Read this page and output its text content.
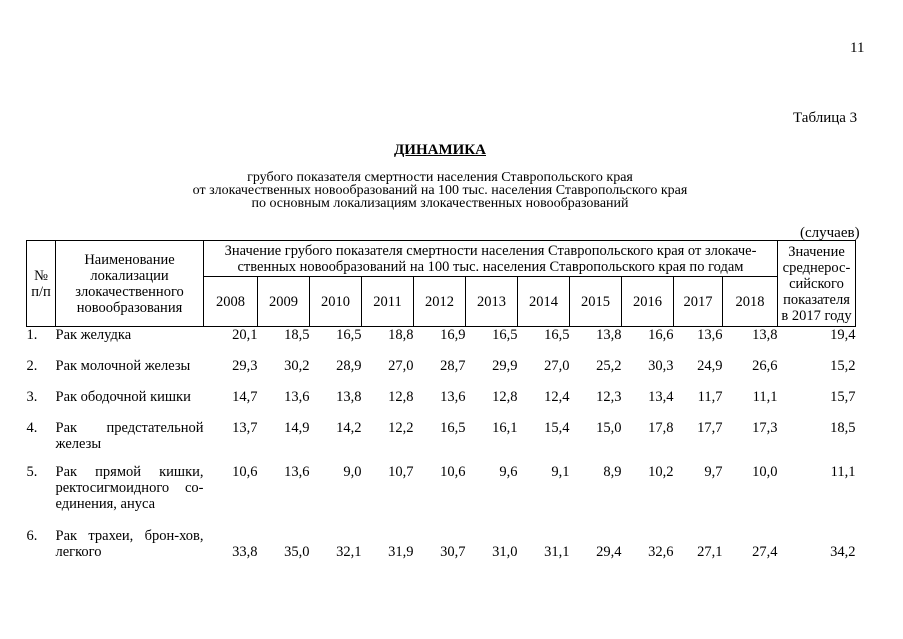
11
Таблица 3
ДИНАМИКА
грубого показателя смертности населения Ставропольского края
от злокачественных новообразований на 100 тыс. населения Ставропольского края
по основным локализациям злокачественных новообразований
(случаев)
№ п/п	Наименование локализации злокачественного новообразования	Значение грубого показателя смертности населения Ставропольского края от злокаче-ственных новообразований на 100 тыс. населения Ставропольского края по годам											Значение среднерос-сийского показателя в 2017 году
		2008	2009	2010	2011	2012	2013	2014	2015	2016	2017	2018	
1.	Рак желудка	20,1	18,5	16,5	18,8	16,9	16,5	16,5	13,8	16,6	13,6	13,8	19,4
2.	Рак молочной железы	29,3	30,2	28,9	27,0	28,7	29,9	27,0	25,2	30,3	24,9	26,6	15,2
3.	Рак ободочной кишки	14,7	13,6	13,8	12,8	13,6	12,8	12,4	12,3	13,4	11,7	11,1	15,7
4.	Рак предстательной железы	13,7	14,9	14,2	12,2	16,5	16,1	15,4	15,0	17,8	17,7	17,3	18,5
5.	Рак прямой кишки, ректосигмоидного со-единения, ануса	10,6	13,6	9,0	10,7	10,6	9,6	9,1	8,9	10,2	9,7	10,0	11,1
6.	Рак трахеи, брон-хов, легкого	33,8	35,0	32,1	31,9	30,7	31,0	31,1	29,4	32,6	27,1	27,4	34,2
